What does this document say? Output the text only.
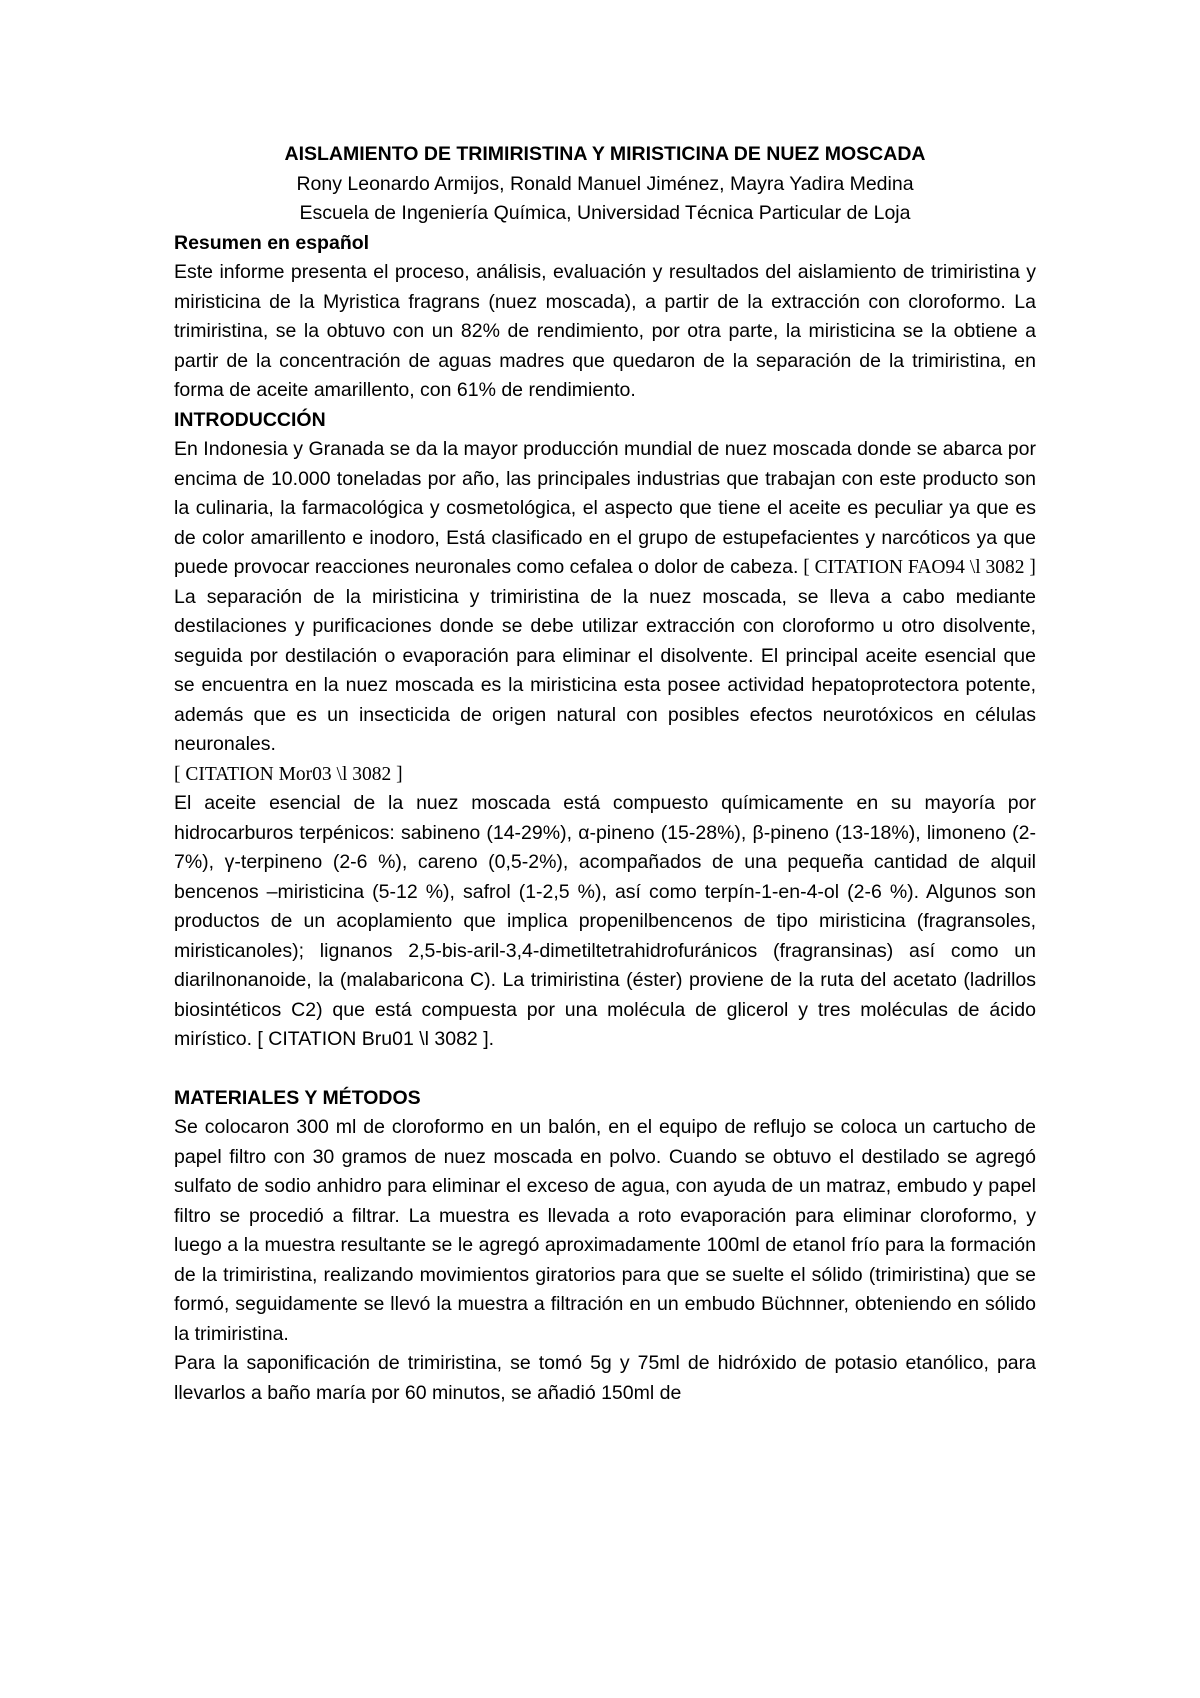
AISLAMIENTO DE TRIMIRISTINA Y MIRISTICINA DE NUEZ MOSCADA
Rony Leonardo Armijos, Ronald Manuel Jiménez, Mayra Yadira Medina
Escuela de Ingeniería Química, Universidad Técnica Particular de Loja
Resumen en español

Este informe presenta el proceso, análisis, evaluación y resultados del aislamiento de trimiristina y miristicina de la Myristica fragrans (nuez moscada), a partir de la extracción con cloroformo. La trimiristina, se la obtuvo con un 82% de rendimiento, por otra parte, la miristicina se la obtiene a partir de la concentración de aguas madres que quedaron de la separación de la trimiristina, en forma de aceite amarillento, con 61% de rendimiento.

INTRODUCCIÓN

En Indonesia y Granada se da la mayor producción mundial de nuez moscada donde se abarca por encima de 10.000 toneladas por año, las principales industrias que trabajan con este producto son la culinaria, la farmacológica y cosmetológica, el aspecto que tiene el aceite es peculiar ya que es de color amarillento e inodoro, Está clasificado en el grupo de estupefacientes y narcóticos ya que puede provocar reacciones neuronales como cefalea o dolor de cabeza. [ CITATION FAO94 \l 3082 ]

La separación de la miristicina y trimiristina de la nuez moscada, se lleva a cabo mediante destilaciones y purificaciones donde se debe utilizar extracción con cloroformo u otro disolvente, seguida por destilación o evaporación para eliminar el disolvente. El principal aceite esencial que se encuentra en la nuez moscada es la miristicina esta posee actividad hepatoprotectora potente, además que es un insecticida de origen natural con posibles efectos neurotóxicos en células neuronales.

[ CITATION Mor03 \l 3082 ]

El aceite esencial de la nuez moscada está compuesto químicamente en su mayoría por hidrocarburos terpénicos: sabineno (14-29%), α-pineno (15-28%), β-pineno (13-18%), limoneno (2-7%), γ-terpineno (2-6 %), careno (0,5-2%), acompañados de una pequeña cantidad de alquil bencenos –miristicina (5-12 %), safrol (1-2,5 %), así como terpín-1-en-4-ol (2-6 %). Algunos son productos de un acoplamiento que implica propenilbencenos de tipo miristicina (fragransoles, miristicanoles); lignanos 2,5-bis-aril-3,4-dimetiltetrahidrofuránicos (fragransinas) así como un diarilnonanoide, la (malabaricona C). La trimiristina (éster) proviene de la ruta del acetato (ladrillos biosintéticos C2) que está compuesta por una molécula de glicerol y tres moléculas de ácido mirístico. [ CITATION Bru01 \l 3082 ].

MATERIALES Y MÉTODOS

Se colocaron 300 ml de cloroformo en un balón, en el equipo de reflujo se coloca un cartucho de papel filtro con 30 gramos de nuez moscada en polvo. Cuando se obtuvo el destilado se agregó sulfato de sodio anhidro para eliminar el exceso de agua, con ayuda de un matraz, embudo y papel filtro se procedió a filtrar. La muestra es llevada a roto evaporación para eliminar cloroformo, y luego a la muestra resultante se le agregó aproximadamente 100ml de etanol frío para la formación de la trimiristina, realizando movimientos giratorios para que se suelte el sólido (trimiristina) que se formó, seguidamente se llevó la muestra a filtración en un embudo Büchnner, obteniendo en sólido la trimiristina.

Para la saponificación de trimiristina, se tomó 5g y 75ml de hidróxido de potasio etanólico, para llevarlos a baño maría por 60 minutos, se añadió 150ml de
